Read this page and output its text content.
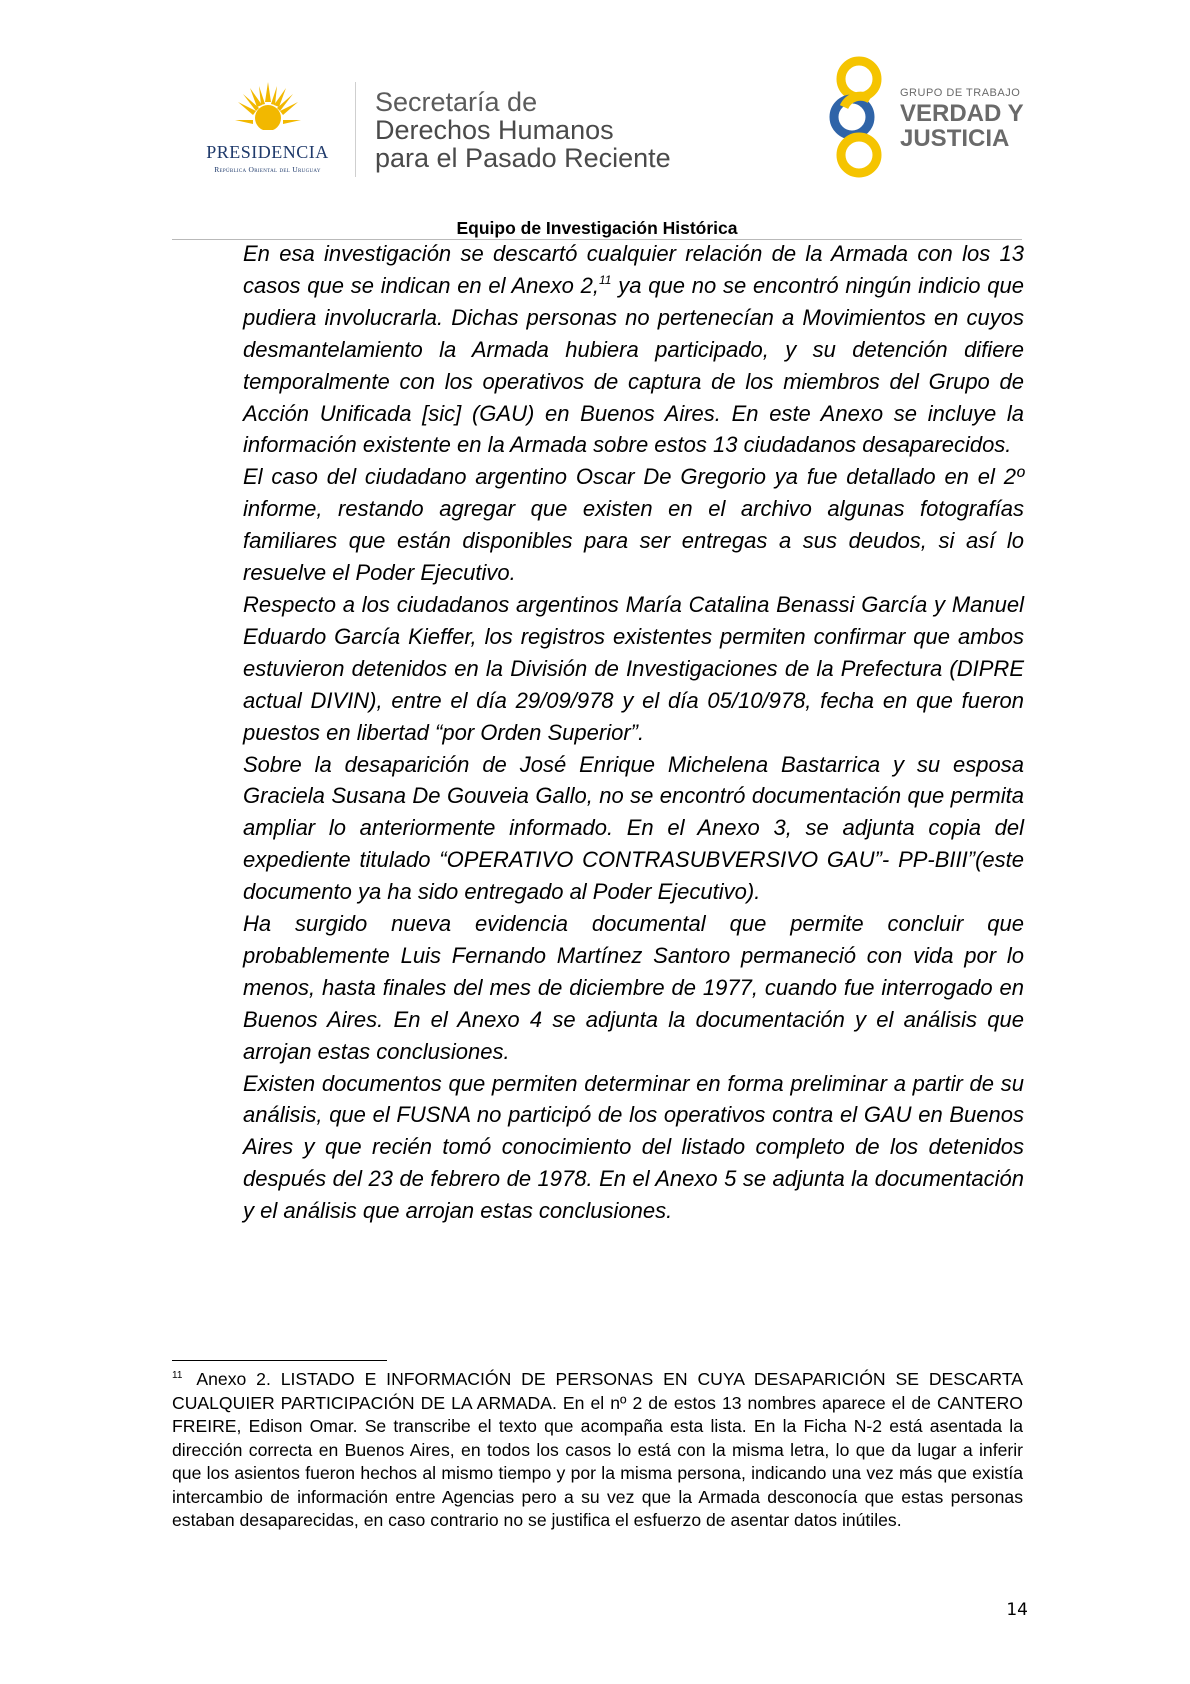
PRESIDENCIA
República Oriental del Uruguay
Secretaría de
Derechos Humanos
para el Pasado Reciente
GRUPO DE TRABAJO
VERDAD Y
JUSTICIA
Equipo de Investigación Histórica

En esa investigación se descartó cualquier relación de la Armada con los 13 casos que se indican en el Anexo 2,11 ya que no se encontró ningún indicio que pudiera involucrarla. Dichas personas no pertenecían a Movimientos en cuyos desmantelamiento la Armada hubiera participado, y su detención difiere temporalmente con los operativos de captura de los miembros del Grupo de Acción Unificada [sic] (GAU) en Buenos Aires. En este Anexo se incluye la información existente en la Armada sobre estos 13 ciudadanos desaparecidos.

El caso del ciudadano argentino Oscar De Gregorio ya fue detallado en el 2º informe, restando agregar que existen en el archivo algunas fotografías familiares que están disponibles para ser entregas a sus deudos, si así lo resuelve el Poder Ejecutivo.

Respecto a los ciudadanos argentinos María Catalina Benassi García y Manuel Eduardo García Kieffer, los registros existentes permiten confirmar que ambos estuvieron detenidos en la División de Investigaciones de la Prefectura (DIPRE actual DIVIN), entre el día 29/09/978 y el día 05/10/978, fecha en que fueron puestos en libertad “por Orden Superior”.

Sobre la desaparición de José Enrique Michelena Bastarrica y su esposa Graciela Susana De Gouveia Gallo, no se encontró documentación que permita ampliar lo anteriormente informado. En el Anexo 3, se adjunta copia del expediente titulado “OPERATIVO CONTRASUBVERSIVO GAU”- PP-BIII”(este documento ya ha sido entregado al Poder Ejecutivo).

Ha surgido nueva evidencia documental que permite concluir que probablemente Luis Fernando Martínez Santoro permaneció con vida por lo menos, hasta finales del mes de diciembre de 1977, cuando fue interrogado en Buenos Aires. En el Anexo 4 se adjunta la documentación y el análisis que arrojan estas conclusiones.

Existen documentos que permiten determinar en forma preliminar a partir de su análisis, que el FUSNA no participó de los operativos contra el GAU en Buenos Aires y que recién tomó conocimiento del listado completo de los detenidos después del 23 de febrero de 1978. En el Anexo 5 se adjunta la documentación y el análisis que arrojan estas conclusiones.

$^{11}$ Anexo 2. LISTADO E INFORMACIÓN DE PERSONAS EN CUYA DESAPARICIÓN SE DESCARTA CUALQUIER PARTICIPACIÓN DE LA ARMADA. En el nº 2 de estos 13 nombres aparece el de CANTERO FREIRE, Edison Omar. Se transcribe el texto que acompaña esta lista. En la Ficha N-2 está asentada la dirección correcta en Buenos Aires, en todos los casos lo está con la misma letra, lo que da lugar a inferir que los asientos fueron hechos al mismo tiempo y por la misma persona, indicando una vez más que existía intercambio de información entre Agencias pero a su vez que la Armada desconocía que estas personas estaban desaparecidas, en caso contrario no se justifica el esfuerzo de asentar datos inútiles.

14
